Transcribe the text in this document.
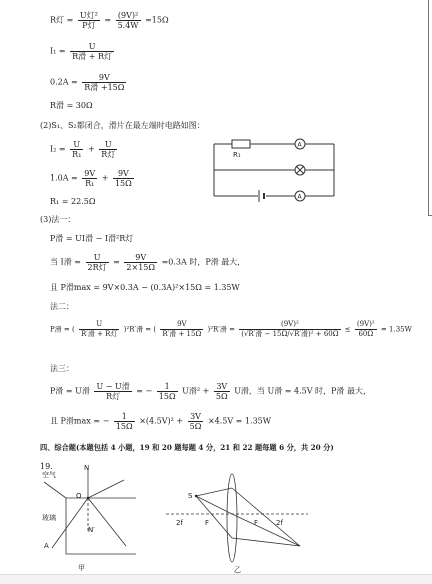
R灯 = $\frac{\text{U灯²}}{\text{P灯}} = \frac{\text{(9V)²}}{5.4W} =15\Omega$
$I_1 = \frac{U}{\text{R滑 + R灯}}$
$0.2A = \frac{9V}{\text{R滑 +15Ω}}$
R滑 = 30Ω
(2)S₁、S₂都闭合，滑片在最左端时电路如图：
$I_2 = \frac{U}{\text{R₁}} + \frac{U}{\text{R灯}}$
$1.0A = \frac{9V}{\text{R₁}} + \frac{9V}{15\Omega}$
R₁ = 22.5Ω
(3)法一：
P滑 = UI滑 − I滑²R灯
当 I滑 = $\frac{U}{\text{2R灯}} = \frac{9V}{2\times 15\Omega} =0.3A$ 时，P滑 最大，
且 P滑max = 9V×0.3A − (0.3A)²×15Ω = 1.35W
法二：
P滑 = ( $\frac{U}{\text{R′滑 + R灯}} )^2R'$滑 = ( $\frac{9V}{\text{R′滑 + 15Ω}} )^2R'$滑 = $\frac{\text{(9V)²}}{\text{(√R′滑 − 15Ω/√R′滑)² + 60Ω}} \le \frac{\text{(9V)²}}{60\Omega} = 1.35W$
法三：
P滑 = U滑 $\frac{\text{U − U滑}}{\text{R灯}}$ = − $\frac{1}{15\Omega}$ U滑$^2 + \frac{3V}{5\Omega}$ U滑，当 U滑 = 4.5V 时，P滑 最大，
且 P滑max = − $\frac{1}{15\Omega} \times(4.5V)^2 + \frac{3V}{5\Omega} \times 4.5V = 1.35W$
四、综合题(本题包括 4 小题，19 和 20 题每题 4 分，21 和 22 题每题 6 分，共 20 分)
19.
R₁
A
A
N
空气
O
玻璃
A
N′
甲
S
2f	F	F	2f
乙
